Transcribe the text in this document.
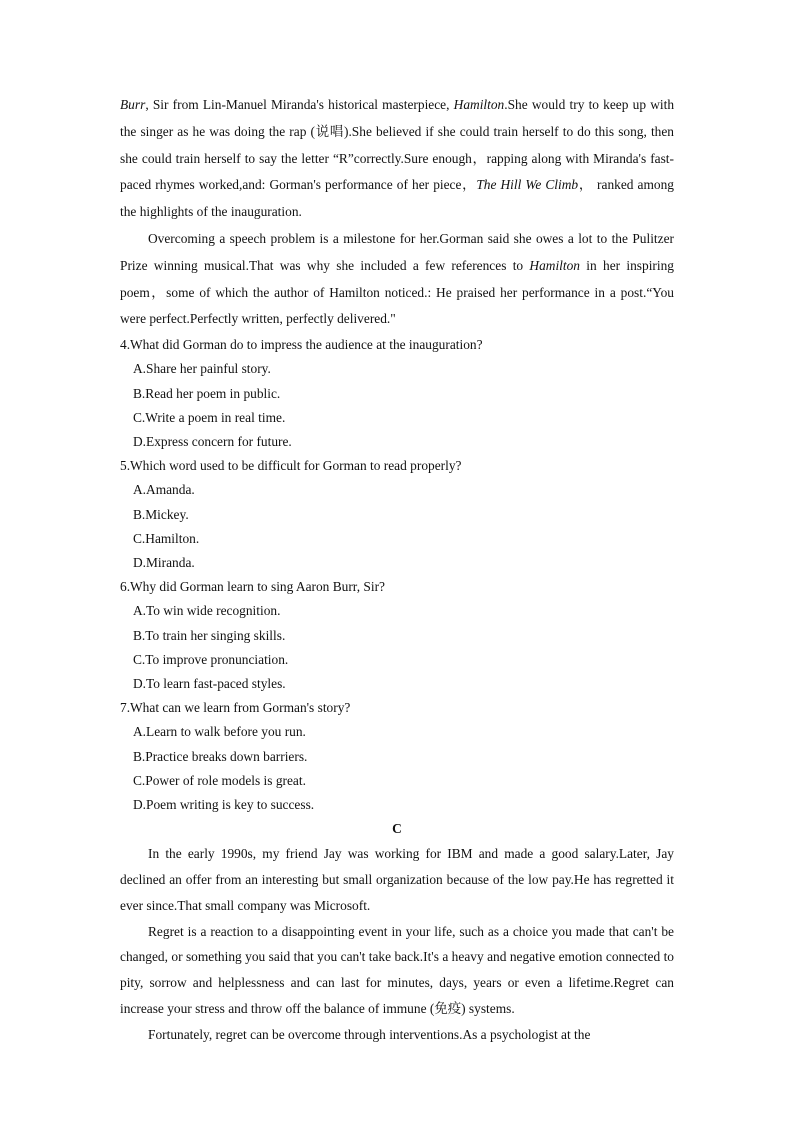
Burr, Sir from Lin-Manuel Miranda's historical masterpiece, Hamilton.She would try to keep up with the singer as he was doing the rap (说唱).She believed if she could train herself to do this song, then she could train herself to say the letter “R”correctly.Sure enough，rapping along with Miranda's fast-paced rhymes worked,and: Gorman's performance of her piece，The Hill We Climb， ranked among the highlights of the inauguration.

Overcoming a speech problem is a milestone for her.Gorman said she owes a lot to the Pulitzer Prize winning musical.That was why she included a few references to Hamilton in her inspiring poem，some of which the author of Hamilton noticed.: He praised her performance in a post.“You were perfect.Perfectly written, perfectly delivered."

4.What did Gorman do to impress the audience at the inauguration?

A.Share her painful story.

B.Read her poem in public.

C.Write a poem in real time.

D.Express concern for future.

5.Which word used to be difficult for Gorman to read properly?

A.Amanda.

B.Mickey.

C.Hamilton.

D.Miranda.

6.Why did Gorman learn to sing Aaron Burr, Sir?

A.To win wide recognition.

B.To train her singing skills.

C.To improve pronunciation.

D.To learn fast-paced styles.

7.What can we learn from Gorman's story?

A.Learn to walk before you run.

B.Practice breaks down barriers.

C.Power of role models is great.

D.Poem writing is key to success.

C

In the early 1990s, my friend Jay was working for IBM and made a good salary.Later, Jay declined an offer from an interesting but small organization because of the low pay.He has regretted it ever since.That small company was Microsoft.

Regret is a reaction to a disappointing event in your life, such as a choice you made that can't be changed, or something you said that you can't take back.It's a heavy and negative emotion connected to pity, sorrow and helplessness and can last for minutes, days, years or even a lifetime.Regret can increase your stress and throw off the balance of immune (免疫) systems.

Fortunately, regret can be overcome through interventions.As a psychologist at the
